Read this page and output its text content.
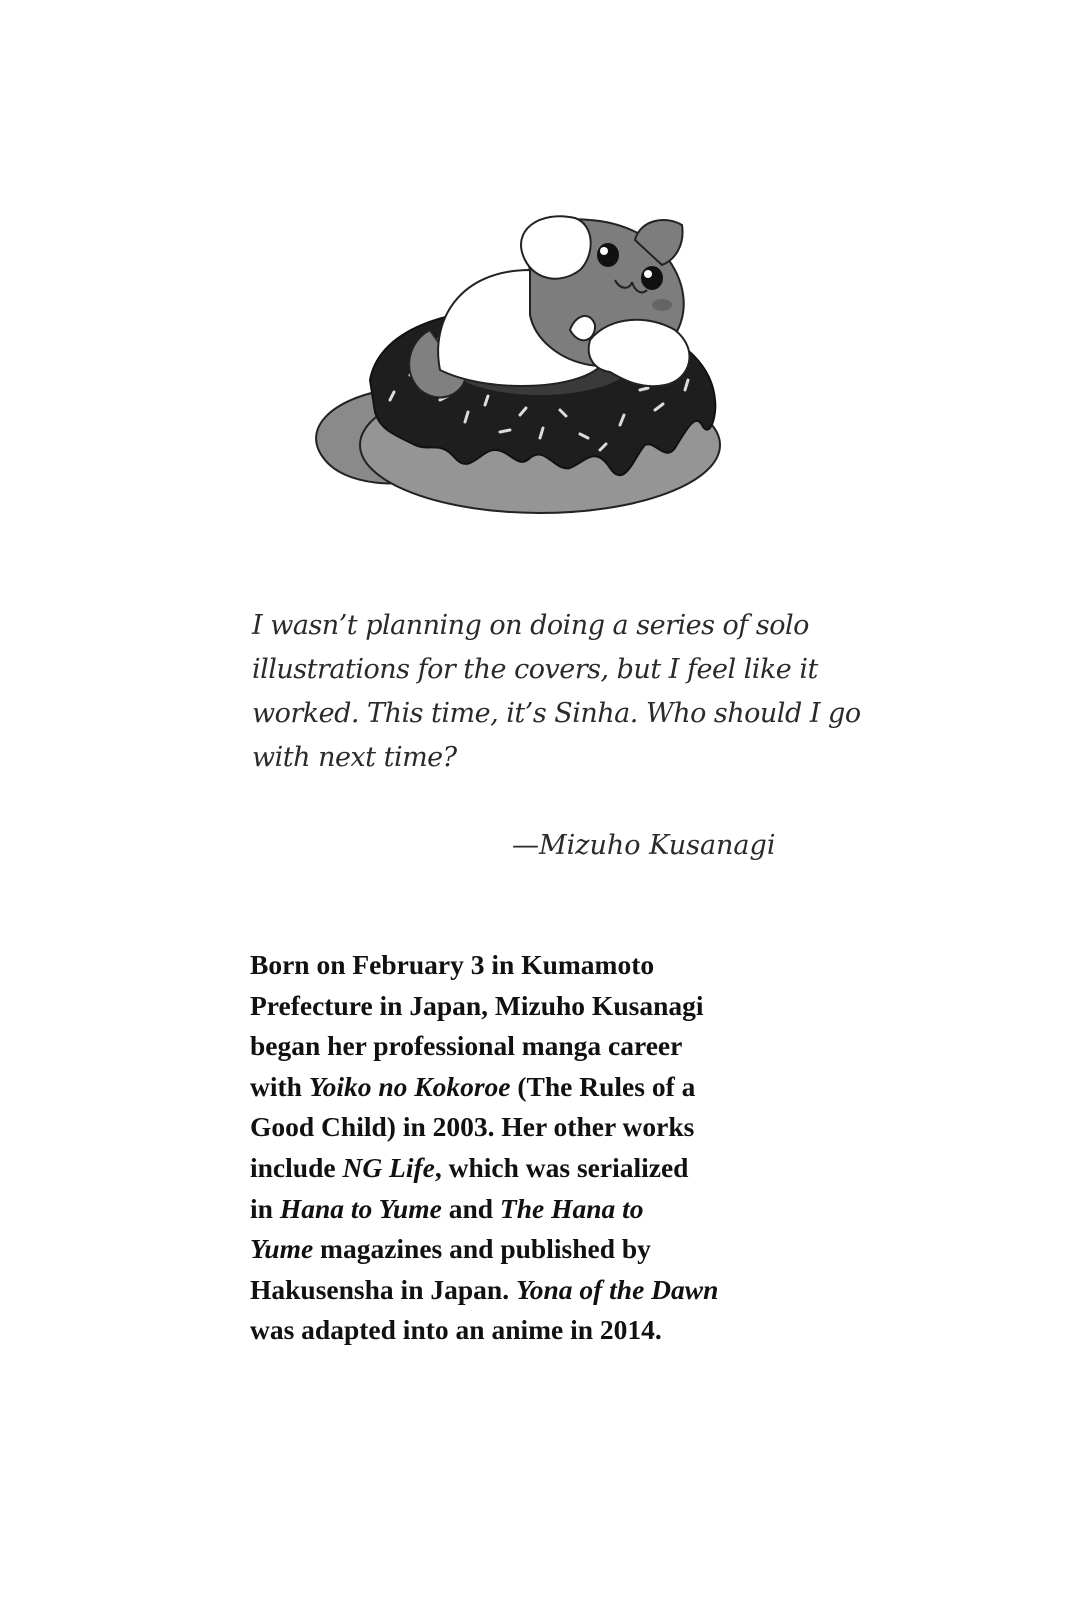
I wasn’t planning on doing a series of solo
illustrations for the covers, but I feel like it
worked. This time, it’s Sinha. Who should I go
with next time?
—Mizuho Kusanagi
Born on February 3 in Kumamoto
Prefecture in Japan, Mizuho Kusanagi
began her professional manga career
with Yoiko no Kokoroe (The Rules of a
Good Child) in 2003. Her other works
include NG Life, which was serialized
in Hana to Yume and The Hana to
Yume magazines and published by
Hakusensha in Japan. Yona of the Dawn
was adapted into an anime in 2014.
